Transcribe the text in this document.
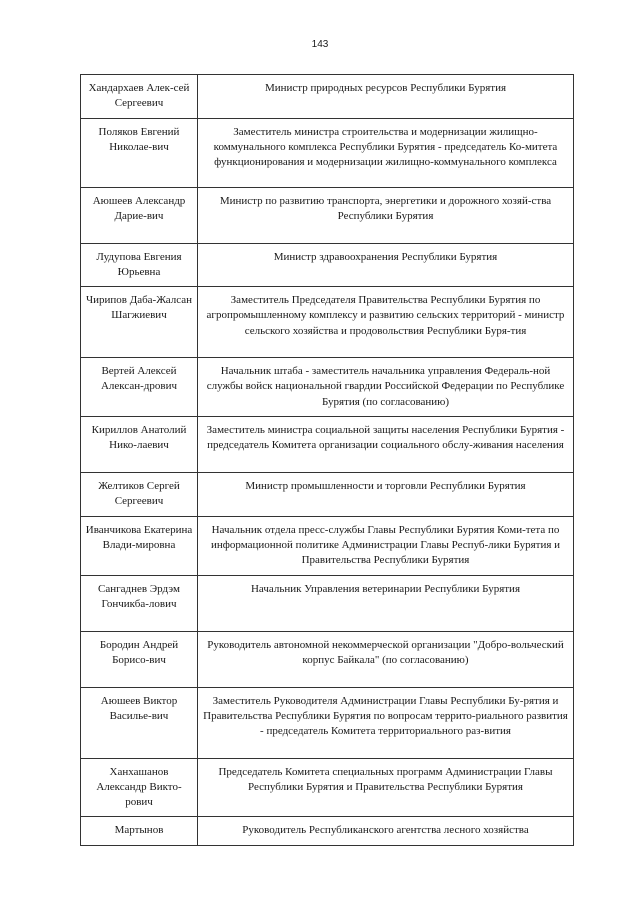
143
Хандархаев Алек-сей Сергеевич	Министр природных ресурсов Республики Бурятия
Поляков Евгений Николае-вич	Заместитель министра строительства и модернизации жилищно-коммунального комплекса Республики Бурятия - председатель Ко-митета функционирования и модернизации жилищно-коммунального комплекса
Аюшеев Александр Дарие-вич	Министр по развитию транспорта, энергетики и дорожного хозяй-ства Республики Бурятия
Лудупова Евгения Юрьевна	Министр здравоохранения Республики Бурятия
Чирипов Даба-Жалсан Шагжиевич	Заместитель Председателя Правительства Республики Бурятия по агропромышленному комплексу и развитию сельских территорий - министр сельского хозяйства и продовольствия Республики Буря-тия
Вертей Алексей Алексан-дрович	Начальник штаба - заместитель начальника управления Федераль-ной службы войск национальной гвардии Российской Федерации по Республике Бурятия (по согласованию)
Кириллов Анатолий Нико-лаевич	Заместитель министра социальной защиты населения Республики Бурятия - председатель Комитета организации социального обслу-живания населения
Желтиков Сергей Сергеевич	Министр промышленности и торговли Республики Бурятия
Иванчикова Екатерина Влади-мировна	Начальник отдела пресс-службы Главы Республики Бурятия Коми-тета по информационной политике Администрации Главы Респуб-лики Бурятия и Правительства Республики Бурятия
Сангаднев Эрдэм Гончикба-лович	Начальник Управления ветеринарии Республики Бурятия
Бородин Андрей Борисо-вич	Руководитель автономной некоммерческой организации "Добро-вольческий корпус Байкала" (по согласованию)
Аюшеев Виктор Василье-вич	Заместитель Руководителя Администрации Главы Республики Бу-рятия и Правительства Республики Бурятия по вопросам террито-риального развития - председатель Комитета территориального раз-вития
Ханхашанов Александр Викто-рович	Председатель Комитета специальных программ Администрации Главы Республики Бурятия и Правительства Республики Бурятия
Мартынов	Руководитель Республиканского агентства лесного хозяйства
